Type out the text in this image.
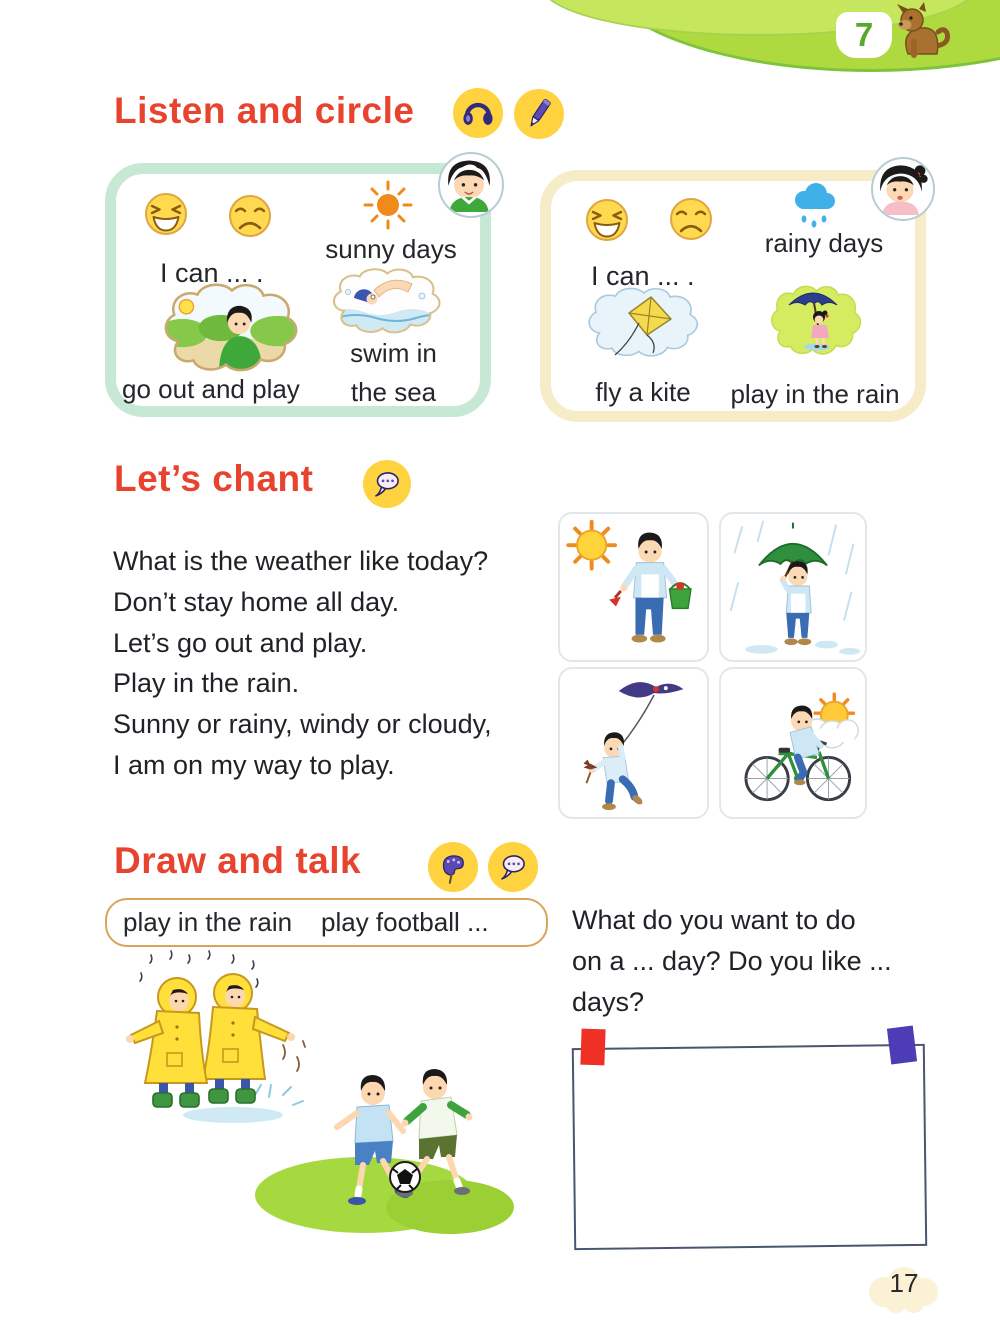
7
Listen and circle
sunny days
I can ... .
go out and play
swim in
the sea
rainy days
I can ... .
fly a kite	play in the rain
Let’s chant
What is the weather like today?
Don’t stay home all day.
Let’s go out and play.
Play in the rain.
Sunny or rainy, windy or cloudy,
I am on my way to play.
Draw and talk
play in the rain    play football ...	What do you want to do
on a ... day? Do you like ...
days?
17
